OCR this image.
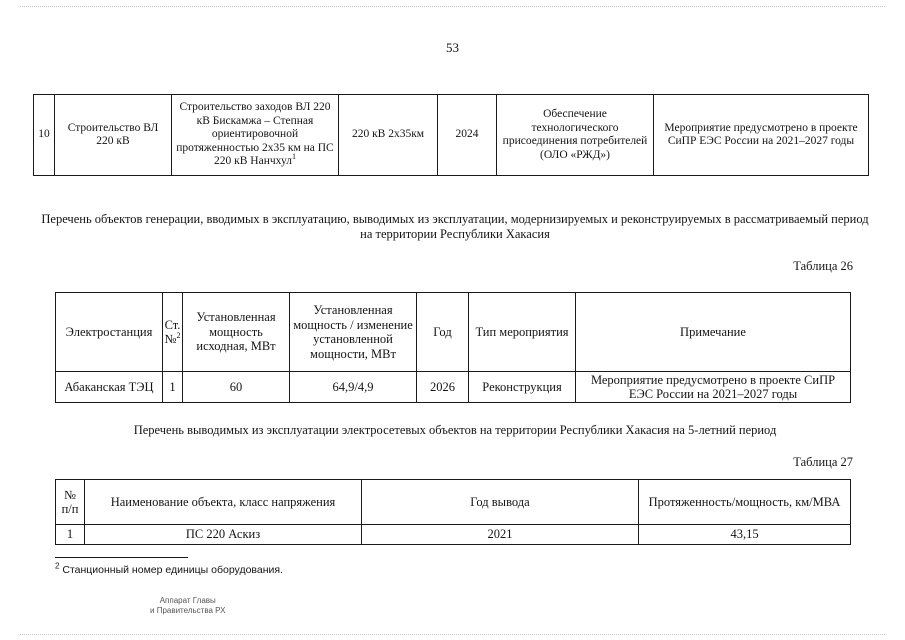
53
10	Строительство ВЛ 220 кВ	Строительство заходов ВЛ 220 кВ Бискамжа – Степная ориентировочной протяженностью 2х35 км на ПС 220 кВ Нанчхул$^1$	220 кВ 2х35км	2024	Обеспечение технологического присоединения потребителей (ОЛО «РЖД»)	Мероприятие предусмотрено в проекте СиПР ЕЭС России на 2021–2027 годы
Перечень объектов генерации, вводимых в эксплуатацию, выводимых из эксплуатации, модернизируемых и реконструируемых в рассматриваемый период на территории Республики Хакасия
Таблица 26
Электростанция	Ст. №$^2$	Установленная мощность исходная, МВт	Установленная мощность / изменение установленной мощности, МВт	Год	Тип мероприятия	Примечание
Абаканская ТЭЦ	1	60	64,9/4,9	2026	Реконструкция	Мероприятие предусмотрено в проекте СиПР ЕЭС России на 2021–2027 годы
Перечень выводимых из эксплуатации электросетевых объектов на территории Республики Хакасия на 5-летний период
Таблица 27
№ п/п	Наименование объекта, класс напряжения	Год вывода	Протяженность/мощность, км/МВА
1	ПС 220 Аскиз	2021	43,15
$^2$ Станционный номер единицы оборудования.
Аппарат Главы
и Правительства РХ
